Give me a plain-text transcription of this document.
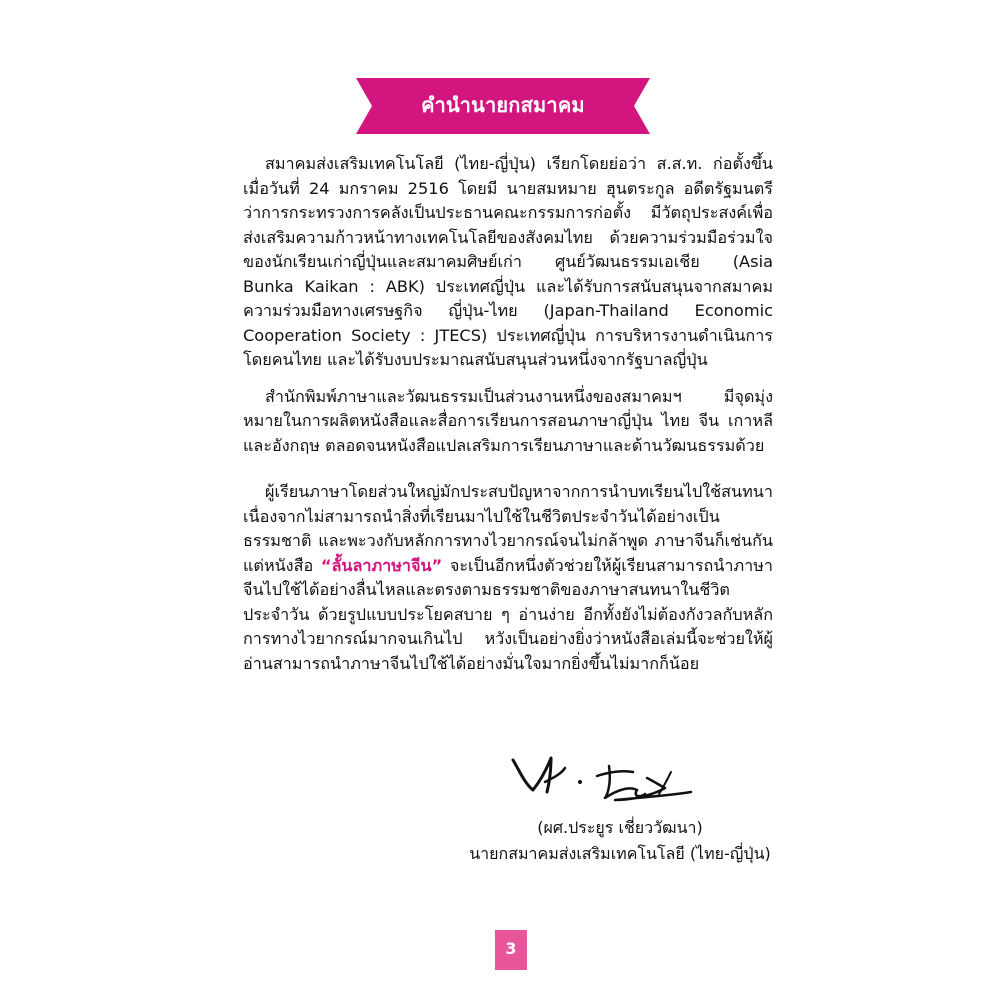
คำนำนายกสมาคม

สมาคมส่งเสริมเทคโนโลยี (ไทย-ญี่ปุ่น) เรียกโดยย่อว่า ส.ส.ท. ก่อตั้งขึ้นเมื่อวันที่ 24 มกราคม 2516 โดยมี นายสมหมาย ฮุนตระกูล อดีตรัฐมนตรีว่าการกระทรวงการคลังเป็นประธานคณะกรรมการก่อตั้ง มีวัตถุประสงค์เพื่อส่งเสริมความก้าวหน้าทางเทคโนโลยีของสังคมไทย ด้วยความร่วมมือร่วมใจของนักเรียนเก่าญี่ปุ่นและสมาคมศิษย์เก่า ศูนย์วัฒนธรรมเอเชีย (Asia Bunka Kaikan : ABK) ประเทศญี่ปุ่น และได้รับการสนับสนุนจากสมาคมความร่วมมือทางเศรษฐกิจ ญี่ปุ่น-ไทย (Japan-Thailand Economic Cooperation Society : JTECS) ประเทศญี่ปุ่น การบริหารงานดำเนินการโดยคนไทย และได้รับงบประมาณสนับสนุนส่วนหนึ่งจากรัฐบาลญี่ปุ่น

สำนักพิมพ์ภาษาและวัฒนธรรมเป็นส่วนงานหนึ่งของสมาคมฯ มีจุดมุ่งหมายในการผลิตหนังสือและสื่อการเรียนการสอนภาษาญี่ปุ่น ไทย จีน เกาหลี และอังกฤษ ตลอดจนหนังสือแปลเสริมการเรียนภาษาและด้านวัฒนธรรมด้วย

ผู้เรียนภาษาโดยส่วนใหญ่มักประสบปัญหาจากการนำบทเรียนไปใช้สนทนา เนื่องจากไม่สามารถนำสิ่งที่เรียนมาไปใช้ในชีวิตประจำวันได้อย่างเป็นธรรมชาติ และพะวงกับหลักการทางไวยากรณ์จนไม่กล้าพูด ภาษาจีนก็เช่นกัน แต่หนังสือ “ลั้นลาภาษาจีน” จะเป็นอีกหนึ่งตัวช่วยให้ผู้เรียนสามารถนำภาษาจีนไปใช้ได้อย่างลื่นไหลและตรงตามธรรมชาติของภาษาสนทนาในชีวิตประจำวัน ด้วยรูปแบบประโยคสบาย ๆ อ่านง่าย อีกทั้งยังไม่ต้องกังวลกับหลักการทางไวยากรณ์มากจนเกินไป หวังเป็นอย่างยิ่งว่าหนังสือเล่มนี้จะช่วยให้ผู้อ่านสามารถนำภาษาจีนไปใช้ได้อย่างมั่นใจมากยิ่งขึ้นไม่มากก็น้อย

(ผศ.ประยูร เชี่ยววัฒนา)
นายกสมาคมส่งเสริมเทคโนโลยี (ไทย-ญี่ปุ่น)
3
